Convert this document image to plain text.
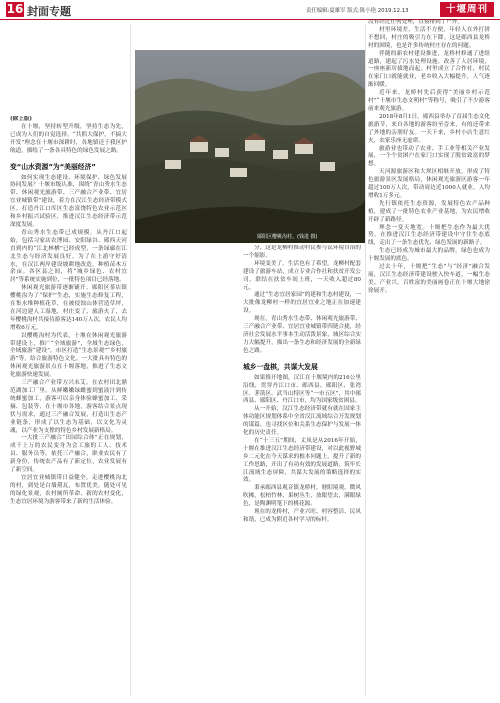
16 封面专题	责任编辑:夏雄军 版式:陈小艳 2019.12.13	十堰周刊
郧阳区樱桃沟村。(钱进 摄)

(除上版)

在十堰，坚持转型升级，坚持生态为先，已成为人们的自觉选择。“共抓大保护，不搞大开发”理念在十堰市深耕时，各地镇还于我区护航道，描绘了一条各具特色的绿色发展之路。

变“山水资源”为“美丽经济”

如何实现生态建设、环境保护、绿色发展协同发展？十堰市级认准，围绕“青山秀水生态带、休闲观光旅游带、三产融合产业带、宜居宜业城镇带”建设，着力在汉江生态经济带模式区。打造丹江口库区生态富饶特色农业示范区和乡村振兴试验区，推进汉江生态经济带示范深度发展。

青山秀水生态带已成规模。从丹江口起始，包括习家店农博园、安阳绿谷、郧西天河直到内的“江北林栖”已经成型，一条绿廊在江北生态与经济发展良好。为了在上游守好清水，在汉江两岸建设坡耕地改造，种植苗木万余亩。各区县之间，将“城乡绿色、农村宜居”等系统实施到位，一批特色项目已经落地。

休闲观光旅游带逐渐铺开。郧阳区茶店镇樱桃沟为了“保护”生态，实施生态修复工程，在集水堆种植花草，在被侵蚀山体营造草坪，在河边建人工湿地，村庄变了，旅游火了，去年樱桃沟村共接待游客达140万人次，农民人均增收6万元。

以樱桃沟村为代表，十堰在休闲观光旅游带建设上，推广“全域旅游”，全域生态绿色，全域旅游“建设”，市区打造“生态景观”“乡村旅游”等，结合旅游特色文化。一大批具有特色的休闲观光旅游景点在十堰落地，推进了生态文化旅游快速发展。

三产融合产业带方兴未艾。在农村田北鼎范湖加工厂里，从鲜嫩嫩绿雌蜜到蜜液汁到传统蜂蜜加工，游客可以亲身体验蜂蜜加工、采摘、包装等，在十堰市各地，游客结合景点现状与需求，通过三产融合发展，打造出生态产业链条，形成了以生态为基础，以文化为灵魂，以产业为支撑的特色乡村发展新格局。

一大批三产融合“田园综合体”正在规划，成千上万的农民变身为会工旅的工人、技术员、服务员等，依托三产融合，职业农民有了新身份，传统农产品有了新定位，农业发展有了新空间。

宜居宜业城镇带日益健全。走进樱桃沟北的村，到处是白墙黛瓦，布置优美，随处可见的绿化景观，农村厕所革命、新的农村变化，生态宜居环境为游客带来了新的生活体验。

分，这是龙柳村推动村民参与议环境自治的一个缩影。

环境变美了，生活也有了希望。龙柳村配套建设了旅游车站，成立专业合作社和扶贫开发公司，联结在扶贫车间上班，一天收入超过80元。

通过“生态宜居家园”的建和生态村建设，一大批像龙柳村一样的宜居宜业之地正在加速建设。

现在，青山秀水生态带、休闲观光旅游带、三产融合产业带、宜居宜业城镇带四链合拢，经济社会发展水平事本生动活泼景象，城区综合实力大幅提升，描出一条生态和经济发展的全新绿色之路。

城乡一盘棋，共谋大发展

如果推开地图，汉江在十堰境内的216公里沿线，贯穿丹江口市、郧西县、郧阳区、张湾区、茅箭区、武当山特区等“一市五区”，其中郧西县、郧阳区、丹江口市，均为国家级贫困县。

从一开始，汉江生态经济带就有就在国家主体功能区规划体系中全省汉江流域综合开发规划的谋篇，也寻找区位和关系生态保护与发展一体化的历史责任。

在“十三五”期间，丈凤是从2016年开始，十堰在推进汉江生态经济带建设，对以此视野城乡二元化在今天谋求的根本问题上，提升了新的工作思路，开出了有功有效的发展道路，筑牢长江流域生态屏障，共谋大发展的策略选择的实效。

秉承郧西县观音镇龙桥村，财阳境观，微风吹拂，松柏竹林，果树丛生，放眼望去，满眼绿色，是陶渊明笔下的桃花源。

现在的龙桥村，产业兴旺、村容整洁、民风和谐，已成为附近各村学习的标杆。

没有经过任何处理，直接排到了户外。

村里环境差，生活不方便，年轻人在外打拼不想回，村庄的吸引力在下降。这是郧西县龙桥村的困境，也是许多传统村庄存在的问题。

伴随的新农村建设推进，龙桥村修通了进组道路，建起了污水处理设施，改善了人居环境，一座座新房拔地而起。村里成立了合作社，村民在家门口就能就业，老乡收入大幅提升，人气逐渐回暖。

近年来，龙桥村先后获得“美丽乡村示范村”“十堰市生态文明村”等称号，吸引了不少游客前来观光旅游。

2018年8月1日，郧西县举办了首届生态文化旅游节，来自各地的游客纷至沓来，有的还带来了外地的亲朋好友。一天下来，乡村小店生意红火，农家乐座无虚席。

旅游业也带动了农业、手工业等相关产业发展，一个个贫困户在家门口实现了脱贫致富的梦想。

天河源旅游区和大坝区相继开放，形成了特色旅游景区发展格局，休闲观光旅游区游客一年超过100万人次，带动周边近1000人就业，人均增收1万多元。

先行镇依托生态资源，发展特色农产品种植，建成了一批特色农业产业基地，为农民增收开辟了新路径。

理念一变天地宽。十堰把生态作为最大优势，在推进汉江生态经济带建设中守住生态底线，走出了一条生态优先、绿色发展的新路子。

生态已经成为城市最大的品牌，绿色也成为十堰发展的底色。

过去十年，十堰把“生态”与“经济”融合发展，汉江生态经济带建设驶入快车道，一幅生态美、产业兴、百姓富的美丽画卷正在十堰大地徐徐展开。
